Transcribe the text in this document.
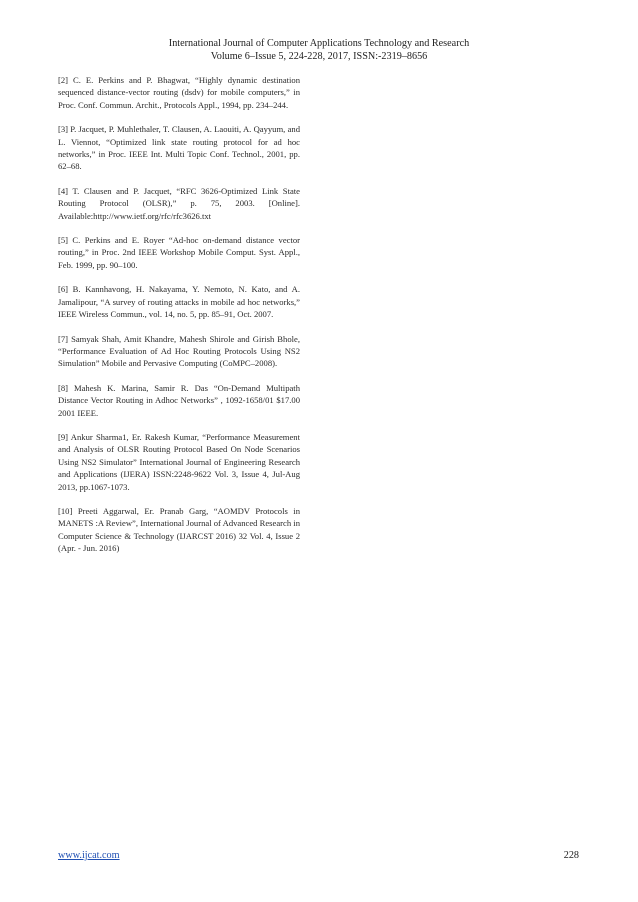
International Journal of Computer Applications Technology and Research
Volume 6–Issue 5, 224-228, 2017, ISSN:-2319–8656

[2] C. E. Perkins and P. Bhagwat, “Highly dynamic destination sequenced distance-vector routing (dsdv) for mobile computers,” in Proc. Conf. Commun. Archit., Protocols Appl., 1994, pp. 234–244.

[3] P. Jacquet, P. Muhlethaler, T. Clausen, A. Laouiti, A. Qayyum, and L. Viennot, “Optimized link state routing protocol for ad hoc networks,” in Proc. IEEE Int. Multi Topic Conf. Technol., 2001, pp. 62–68.

[4] T. Clausen and P. Jacquet, “RFC 3626-Optimized Link State Routing Protocol (OLSR),” p. 75, 2003. [Online]. Available:http://www.ietf.org/rfc/rfc3626.txt

[5] C. Perkins and E. Royer “Ad-hoc on-demand distance vector routing,” in Proc. 2nd IEEE Workshop Mobile Comput. Syst. Appl., Feb. 1999, pp. 90–100.

[6] B. Kannhavong, H. Nakayama, Y. Nemoto, N. Kato, and A. Jamalipour, “A survey of routing attacks in mobile ad hoc networks,” IEEE Wireless Commun., vol. 14, no. 5, pp. 85–91, Oct. 2007.

[7] Samyak Shah, Amit Khandre, Mahesh Shirole and Girish Bhole, “Performance Evaluation of Ad Hoc Routing Protocols Using NS2 Simulation” Mobile and Pervasive Computing (CoMPC–2008).

[8] Mahesh K. Marina, Samir R. Das “On-Demand Multipath Distance Vector Routing in Adhoc Networks” , 1092-1658/01 $17.00 2001 IEEE.

[9] Ankur Sharma1, Er. Rakesh Kumar, “Performance Measurement and Analysis of OLSR Routing Protocol Based On Node Scenarios Using NS2 Simulator” International Journal of Engineering Research and Applications (IJERA) ISSN:2248-9622 Vol. 3, Issue 4, Jul-Aug 2013, pp.1067-1073.

[10] Preeti Aggarwal, Er. Pranab Garg, “AOMDV Protocols in MANETS :A Review”, International Journal of Advanced Research in Computer Science & Technology (IJARCST 2016) 32 Vol. 4, Issue 2 (Apr. - Jun. 2016)

www.ijcat.com	228
